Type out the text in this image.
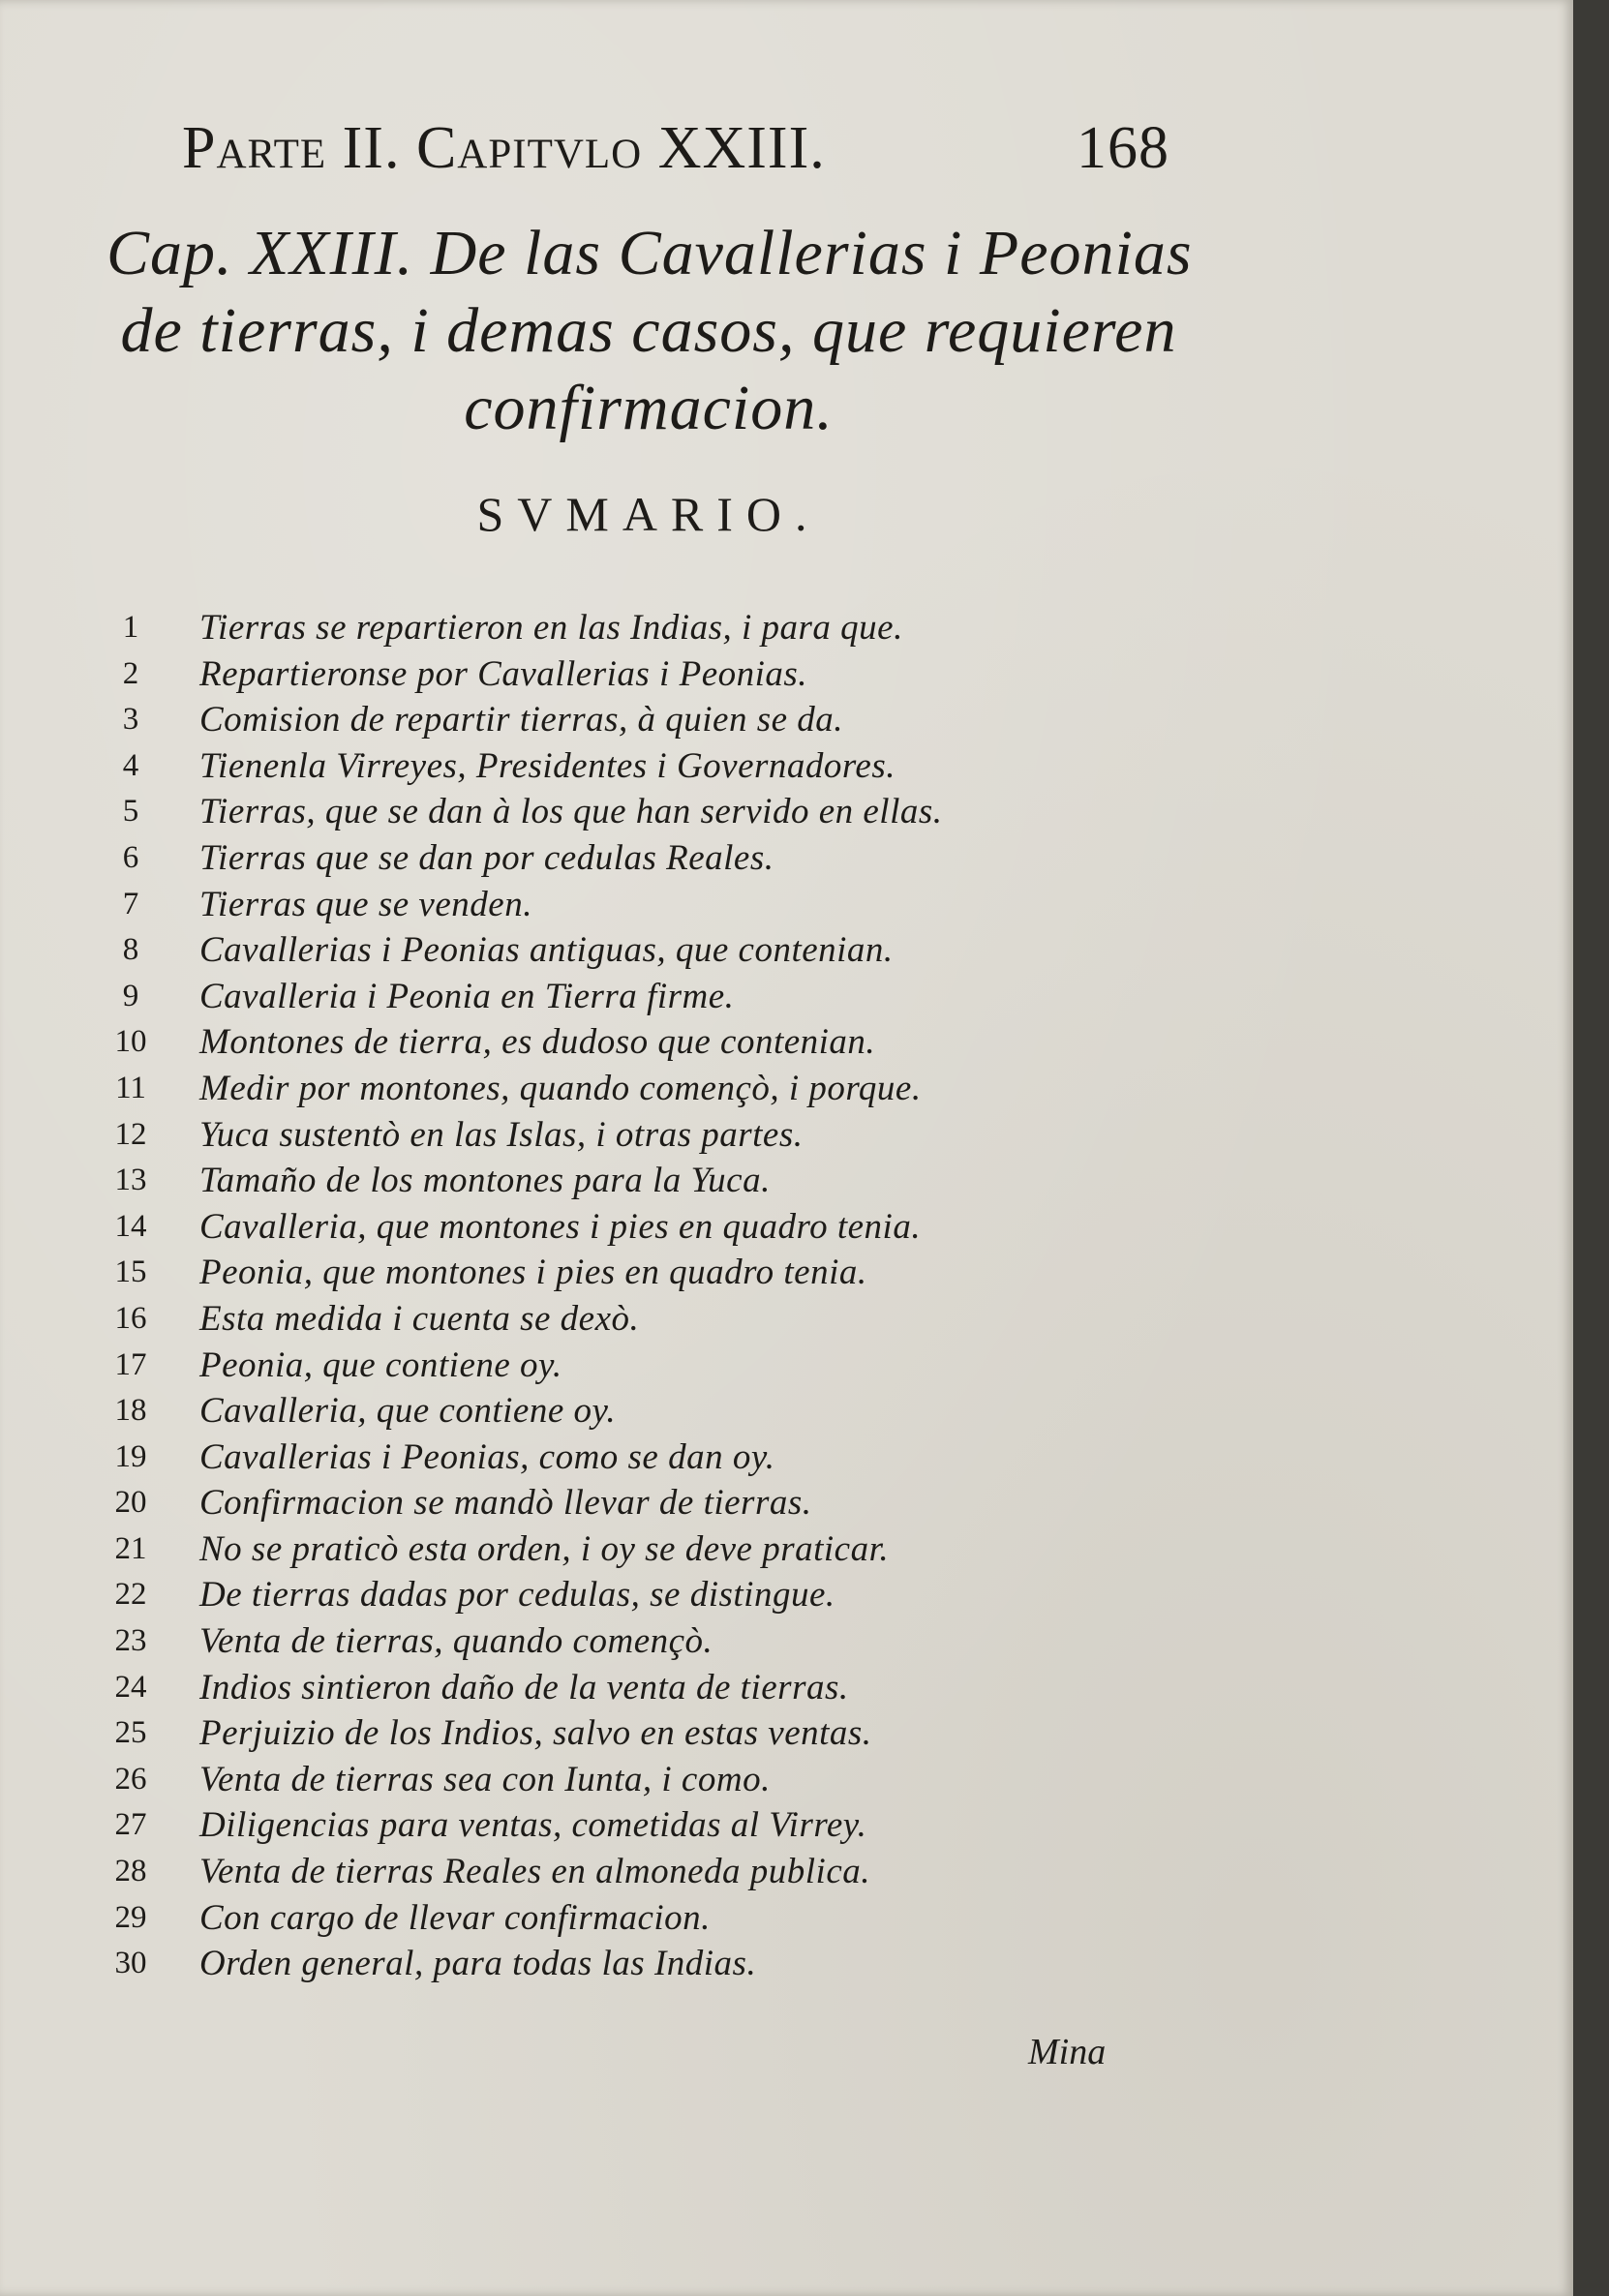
Parte II. Capitvlo XXIII.	168
Cap. XXIII. De las Cavallerias i Peonias
de tierras, i demas casos, que requieren
confirmacion.
SVMARIO.
1	Tierras se repartieron en las Indias, i para que.
2	Repartieronse por Cavallerias i Peonias.
3	Comision de repartir tierras, à quien se da.
4	Tienenla Virreyes, Presidentes i Governadores.
5	Tierras, que se dan à los que han servido en ellas.
6	Tierras que se dan por cedulas Reales.
7	Tierras que se venden.
8	Cavallerias i Peonias antiguas, que contenian.
9	Cavalleria i Peonia en Tierra firme.
10	Montones de tierra, es dudoso que contenian.
11	Medir por montones, quando començò, i porque.
12	Yuca sustentò en las Islas, i otras partes.
13	Tamaño de los montones para la Yuca.
14	Cavalleria, que montones i pies en quadro tenia.
15	Peonia, que montones i pies en quadro tenia.
16	Esta medida i cuenta se dexò.
17	Peonia, que contiene oy.
18	Cavalleria, que contiene oy.
19	Cavallerias i Peonias, como se dan oy.
20	Confirmacion se mandò llevar de tierras.
21	No se praticò esta orden, i oy se deve praticar.
22	De tierras dadas por cedulas, se distingue.
23	Venta de tierras, quando començò.
24	Indios sintieron daño de la venta de tierras.
25	Perjuizio de los Indios, salvo en estas ventas.
26	Venta de tierras sea con Iunta, i como.
27	Diligencias para ventas, cometidas al Virrey.
28	Venta de tierras Reales en almoneda publica.
29	Con cargo de llevar confirmacion.
30	Orden general, para todas las Indias.
Mina
